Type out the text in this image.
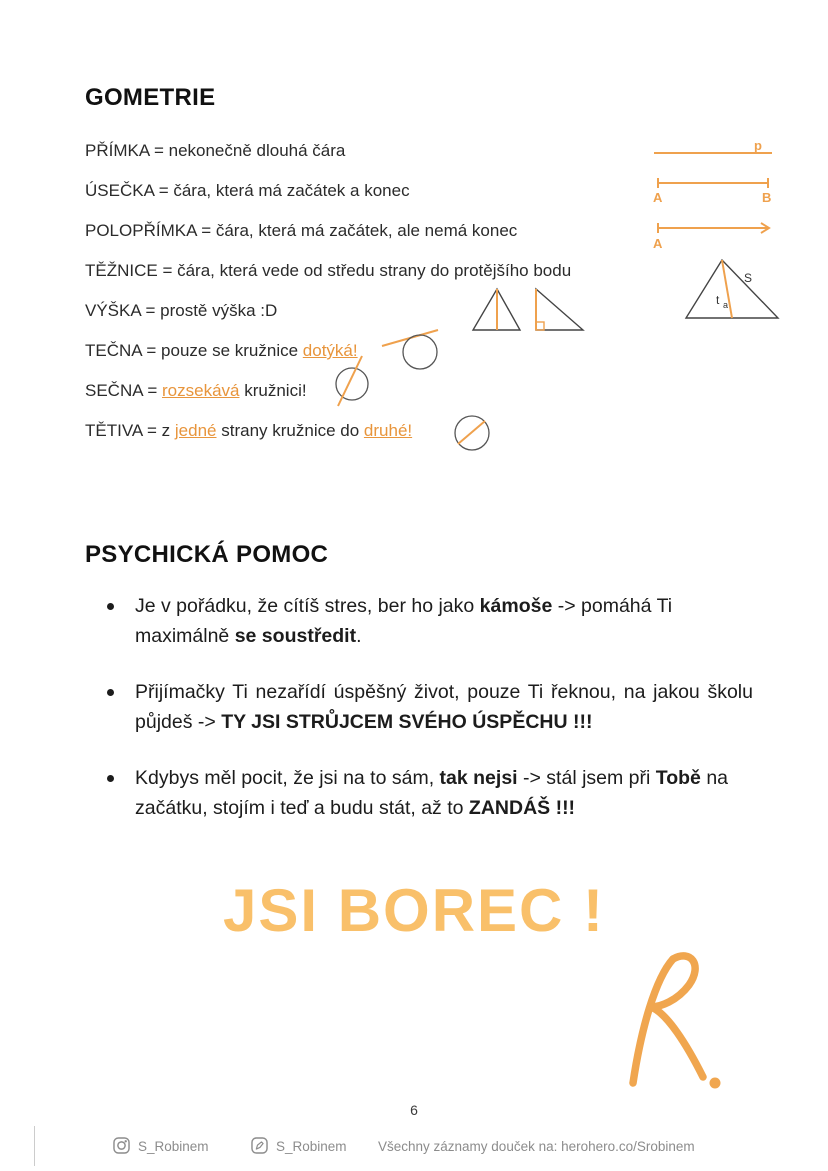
GOMETRIE
PŘÍMKA = nekonečně dlouhá čára
ÚSEČKA = čára, která má začátek a konec
POLOPŘÍMKA = čára, která má začátek, ale nemá konec
TĚŽNICE = čára, která vede od středu strany do protějšího bodu
VÝŠKA = prostě výška :D
TEČNA = pouze se kružnice dotýká!
SEČNA = rozsekává kružnici!
TĚTIVA = z jedné strany kružnice do druhé!
p
A	B
A
S
t a
PSYCHICKÁ POMOC
Je v pořádku, že cítíš stres, ber ho jako kámoše -> pomáhá Ti maximálně se soustředit.
Přijímačky Ti nezařídí úspěšný život, pouze Ti řeknou, na jakou školu půjdeš -> TY JSI STRŮJCEM SVÉHO ÚSPĚCHU !!!
Kdybys měl pocit, že jsi na to sám, tak nejsi -> stál jsem při Tobě na začátku, stojím i teď a budu stát, až to ZANDÁŠ !!!
JSI BOREC !
6
S_Robinem	S_Robinem Všechny záznamy douček na: herohero.co/Srobinem
